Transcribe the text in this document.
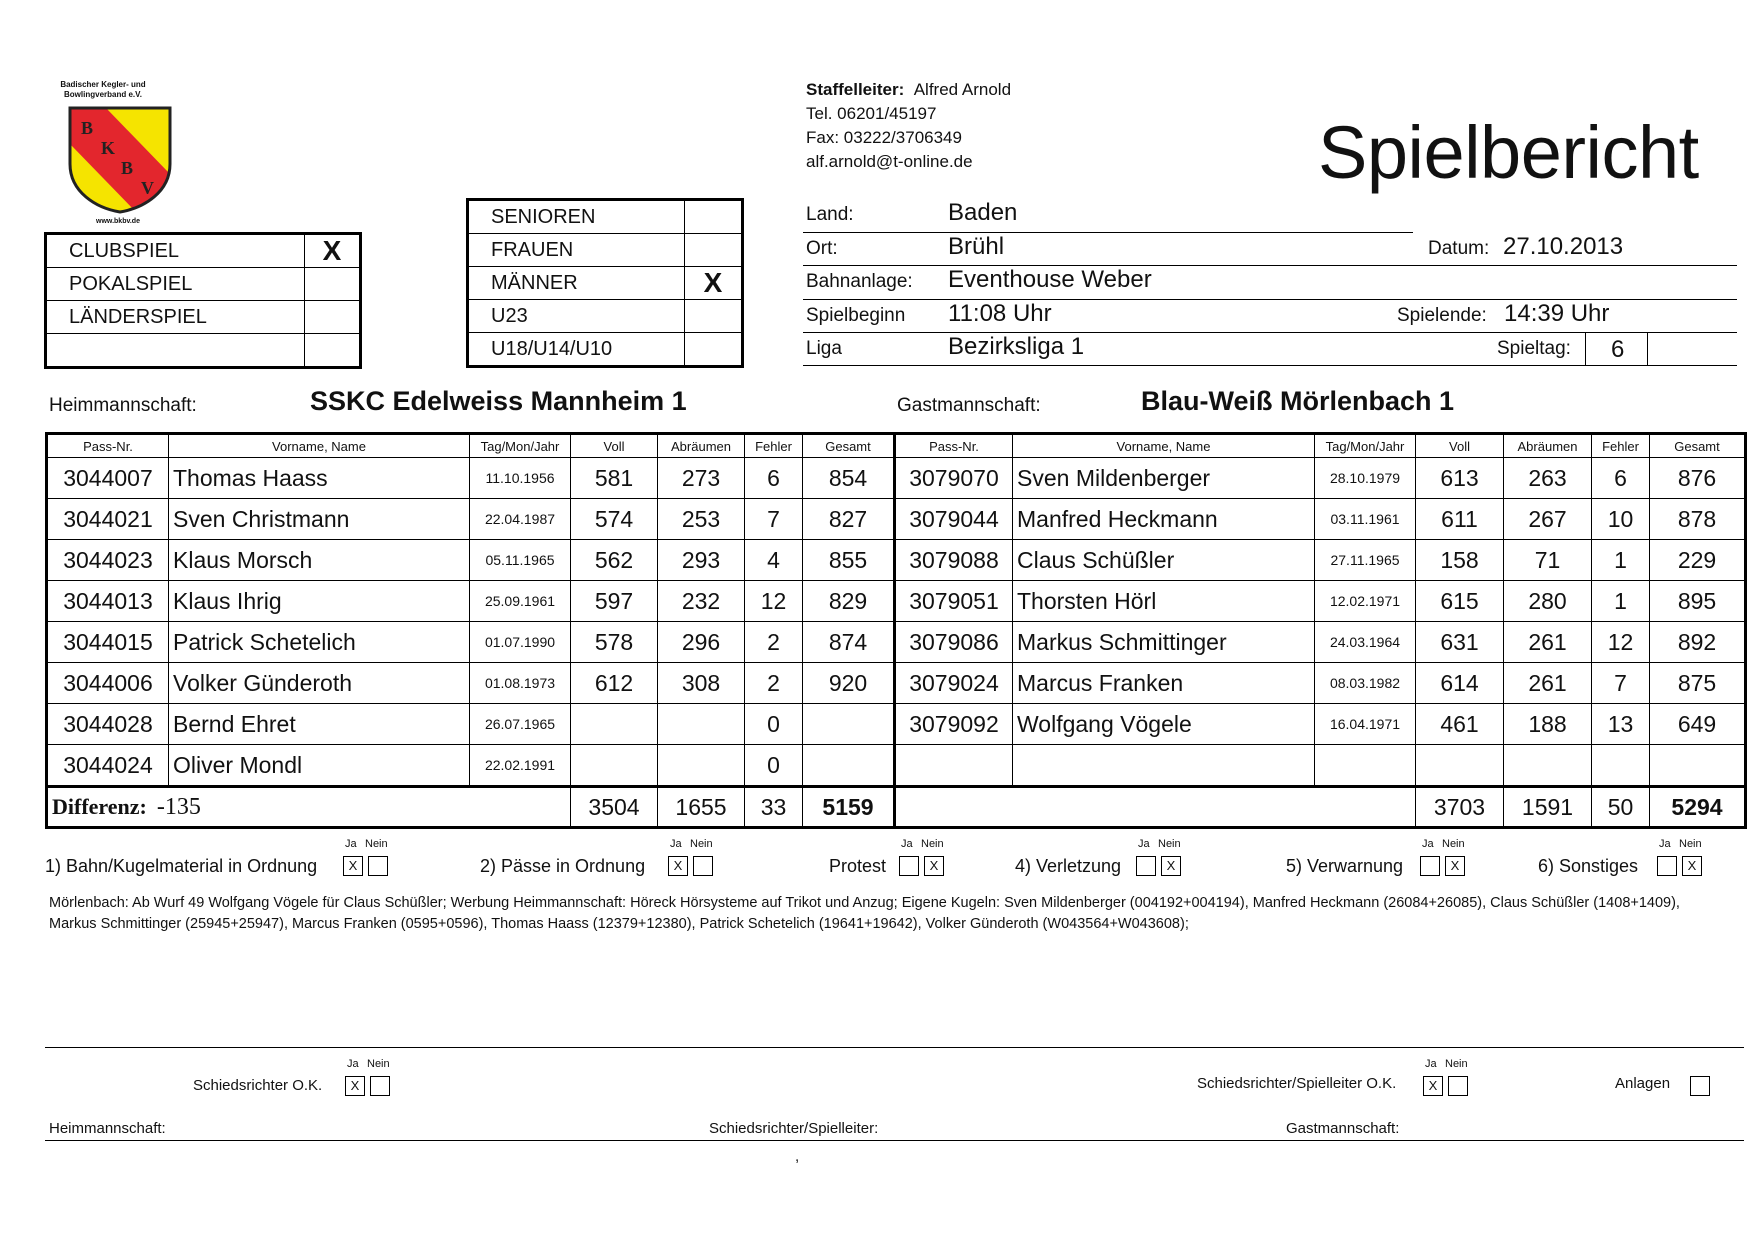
Badischer Kegler- und
Bowlingverband e.V.
B
K
B
V
www.bkbv.de
Staffelleiter: Alfred Arnold
Tel. 06201/45197
Fax: 03222/3706349
alf.arnold@t-online.de	Spielbericht
CLUBSPIEL	X
POKALSPIEL	
LÄNDERSPIEL	

SENIOREN	
FRAUEN	
MÄNNER	X
U23	
U18/U14/U10	
Land:	Baden
Ort:	Brühl	Datum: 27.10.2013
Bahnanlage: Eventhouse Weber
Spielbeginn 11:08 Uhr	Spielende: 14:39 Uhr
Liga	Bezirksliga 1	Spieltag: 6
Heimmannschaft:	SSKC Edelweiss Mannheim 1	Gastmannschaft:	Blau-Weiß Mörlenbach 1
Pass-Nr.	Vorname, Name	Tag/Mon/Jahr	Voll	Abräumen	Fehler	Gesamt	Pass-Nr.	Vorname, Name	Tag/Mon/Jahr	Voll	Abräumen	Fehler	Gesamt
3044007	Thomas Haass	11.10.1956	581	273	6	854	3079070	Sven Mildenberger	28.10.1979	613	263	6	876
3044021	Sven Christmann	22.04.1987	574	253	7	827	3079044	Manfred Heckmann	03.11.1961	611	267	10	878
3044023	Klaus Morsch	05.11.1965	562	293	4	855	3079088	Claus Schüßler	27.11.1965	158	71	1	229
3044013	Klaus Ihrig	25.09.1961	597	232	12	829	3079051	Thorsten Hörl	12.02.1971	615	280	1	895
3044015	Patrick Schetelich	01.07.1990	578	296	2	874	3079086	Markus Schmittinger	24.03.1964	631	261	12	892
3044006	Volker Günderoth	01.08.1973	612	308	2	920	3079024	Marcus Franken	08.03.1982	614	261	7	875
3044028	Bernd Ehret	26.07.1965			0		3079092	Wolfgang Vögele	16.04.1971	461	188	13	649
3044024	Oliver Mondl	22.02.1991			0								
Differenz: -135			3504	1655	33	5159				3703	1591	50	5294
Ja Nein
1) Bahn/Kugelmaterial in Ordnung	X
Ja Nein
2) Pässe in Ordnung	X
Ja Nein
Protest	X
Ja Nein
4) Verletzung	X
Ja Nein
5) Verwarnung	X
Ja Nein
6) Sonstiges	X
Mörlenbach: Ab Wurf 49 Wolfgang Vögele für Claus Schüßler; Werbung Heimmannschaft: Höreck Hörsysteme auf Trikot und Anzug; Eigene Kugeln: Sven Mildenberger (004192+004194), Manfred Heckmann (26084+26085), Claus Schüßler (1408+1409), Markus Schmittinger (25945+25947), Marcus Franken (0595+0596), Thomas Haass (12379+12380), Patrick Schetelich (19641+19642), Volker Günderoth (W043564+W043608);
Ja Nein
Schiedsrichter O.K.	X
Ja Nein
Schiedsrichter/Spielleiter O.K.	X	Anlagen
Heimmannschaft:	Schiedsrichter/Spielleiter:	Gastmannschaft:
,
